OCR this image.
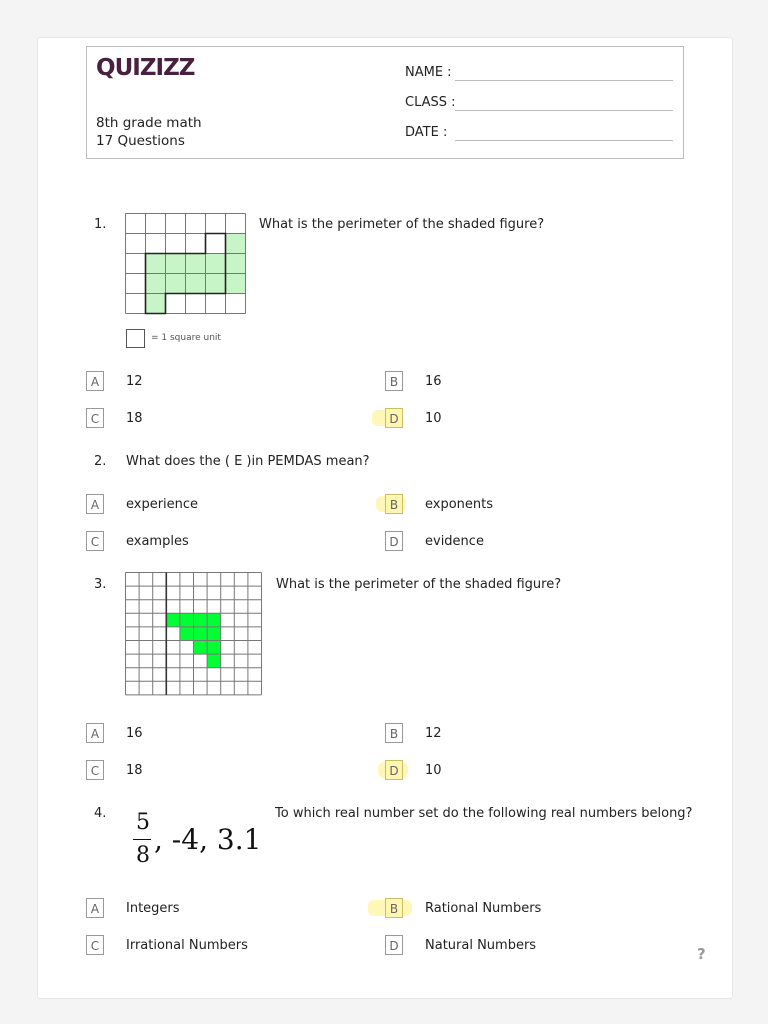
QUIZIZZ
8th grade math
17 Questions
NAME :
CLASS :
DATE :
1.	What is the perimeter of the shaded figure?
= 1 square unit
A	12	B	16
C	18	D	10
2. What does the ( E )in PEMDAS mean?
A	experience	B	exponents
C	examples	D	evidence
3.	What is the perimeter of the shaded figure?
A	16	B	12
C	18	D	10
4. 5
8 , -4, 3.1
To which real number set do the following real numbers belong?
A	Integers	B	Rational Numbers
C	Irrational Numbers	D	Natural Numbers	?
